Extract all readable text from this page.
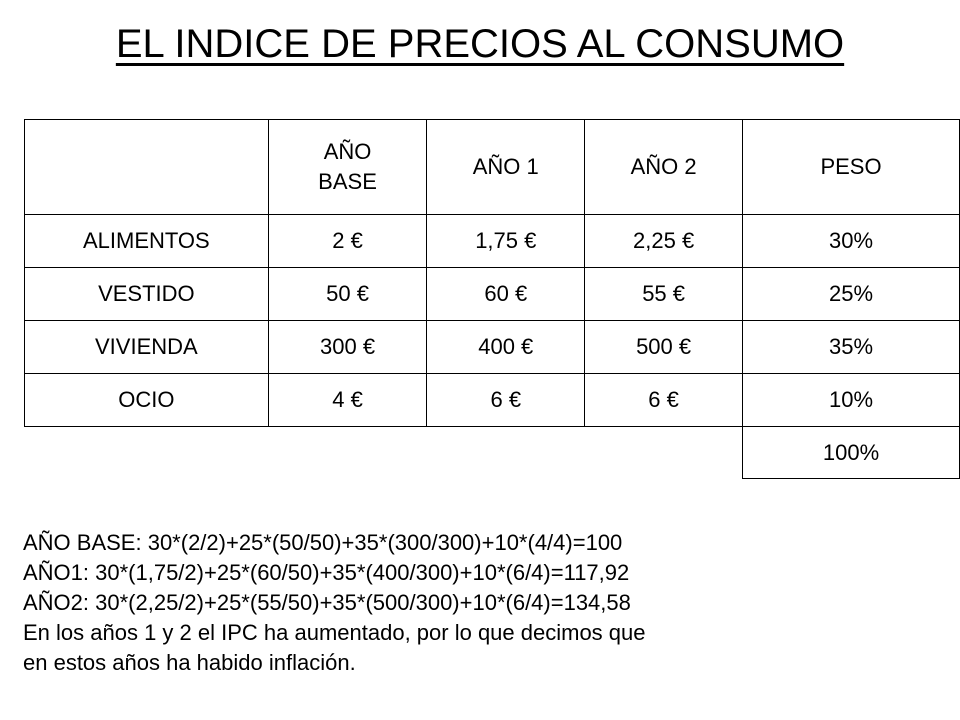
EL INDICE DE PRECIOS AL CONSUMO
	AÑO BASE	AÑO 1	AÑO 2	PESO
ALIMENTOS	2 €	1,75 €	2,25 €	30%
VESTIDO	50 €	60 €	55 €	25%
VIVIENDA	300 €	400 €	500 €	35%
OCIO	4 €	6 €	6 €	10%
				100%
AÑO BASE: 30*(2/2)+25*(50/50)+35*(300/300)+10*(4/4)=100
AÑO1: 30*(1,75/2)+25*(60/50)+35*(400/300)+10*(6/4)=117,92
AÑO2: 30*(2,25/2)+25*(55/50)+35*(500/300)+10*(6/4)=134,58
En los años 1 y 2 el IPC ha aumentado, por lo que decimos que
en estos años ha habido inflación.
